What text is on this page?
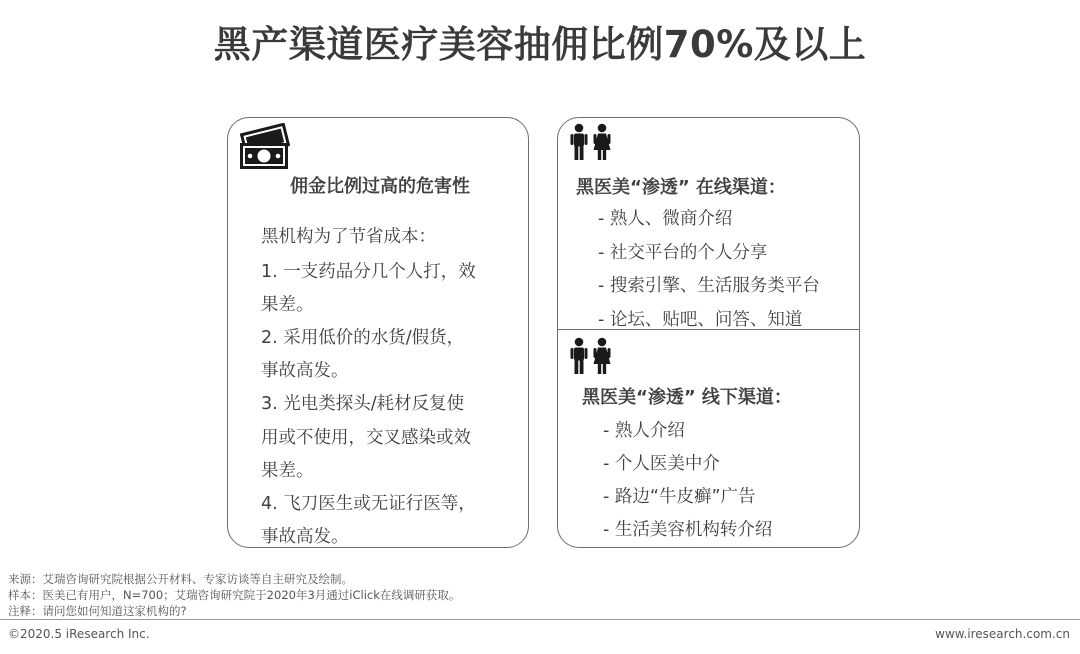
黑产渠道医疗美容抽佣比例70%及以上
佣金比例过高的危害性
黑机构为了节省成本：
1. 一支药品分几个人打，效
果差。
2. 采用低价的水货/假货，
事故高发。
3. 光电类探头/耗材反复使
用或不使用，交叉感染或效
果差。
4. 飞刀医生或无证行医等，
事故高发。
黑医美“渗透” 在线渠道：
- 熟人、微商介绍
- 社交平台的个人分享
- 搜索引擎、生活服务类平台
- 论坛、贴吧、问答、知道
黑医美“渗透” 线下渠道：
- 熟人介绍
- 个人医美中介
- 路边“牛皮癣”广告
- 生活美容机构转介绍
来源：艾瑞咨询研究院根据公开材料、专家访谈等自主研究及绘制。
样本：医美已有用户，N=700；艾瑞咨询研究院于2020年3月通过iClick在线调研获取。
注释：请问您如何知道这家机构的?
©2020.5 iResearch Inc.	www.iresearch.com.cn
